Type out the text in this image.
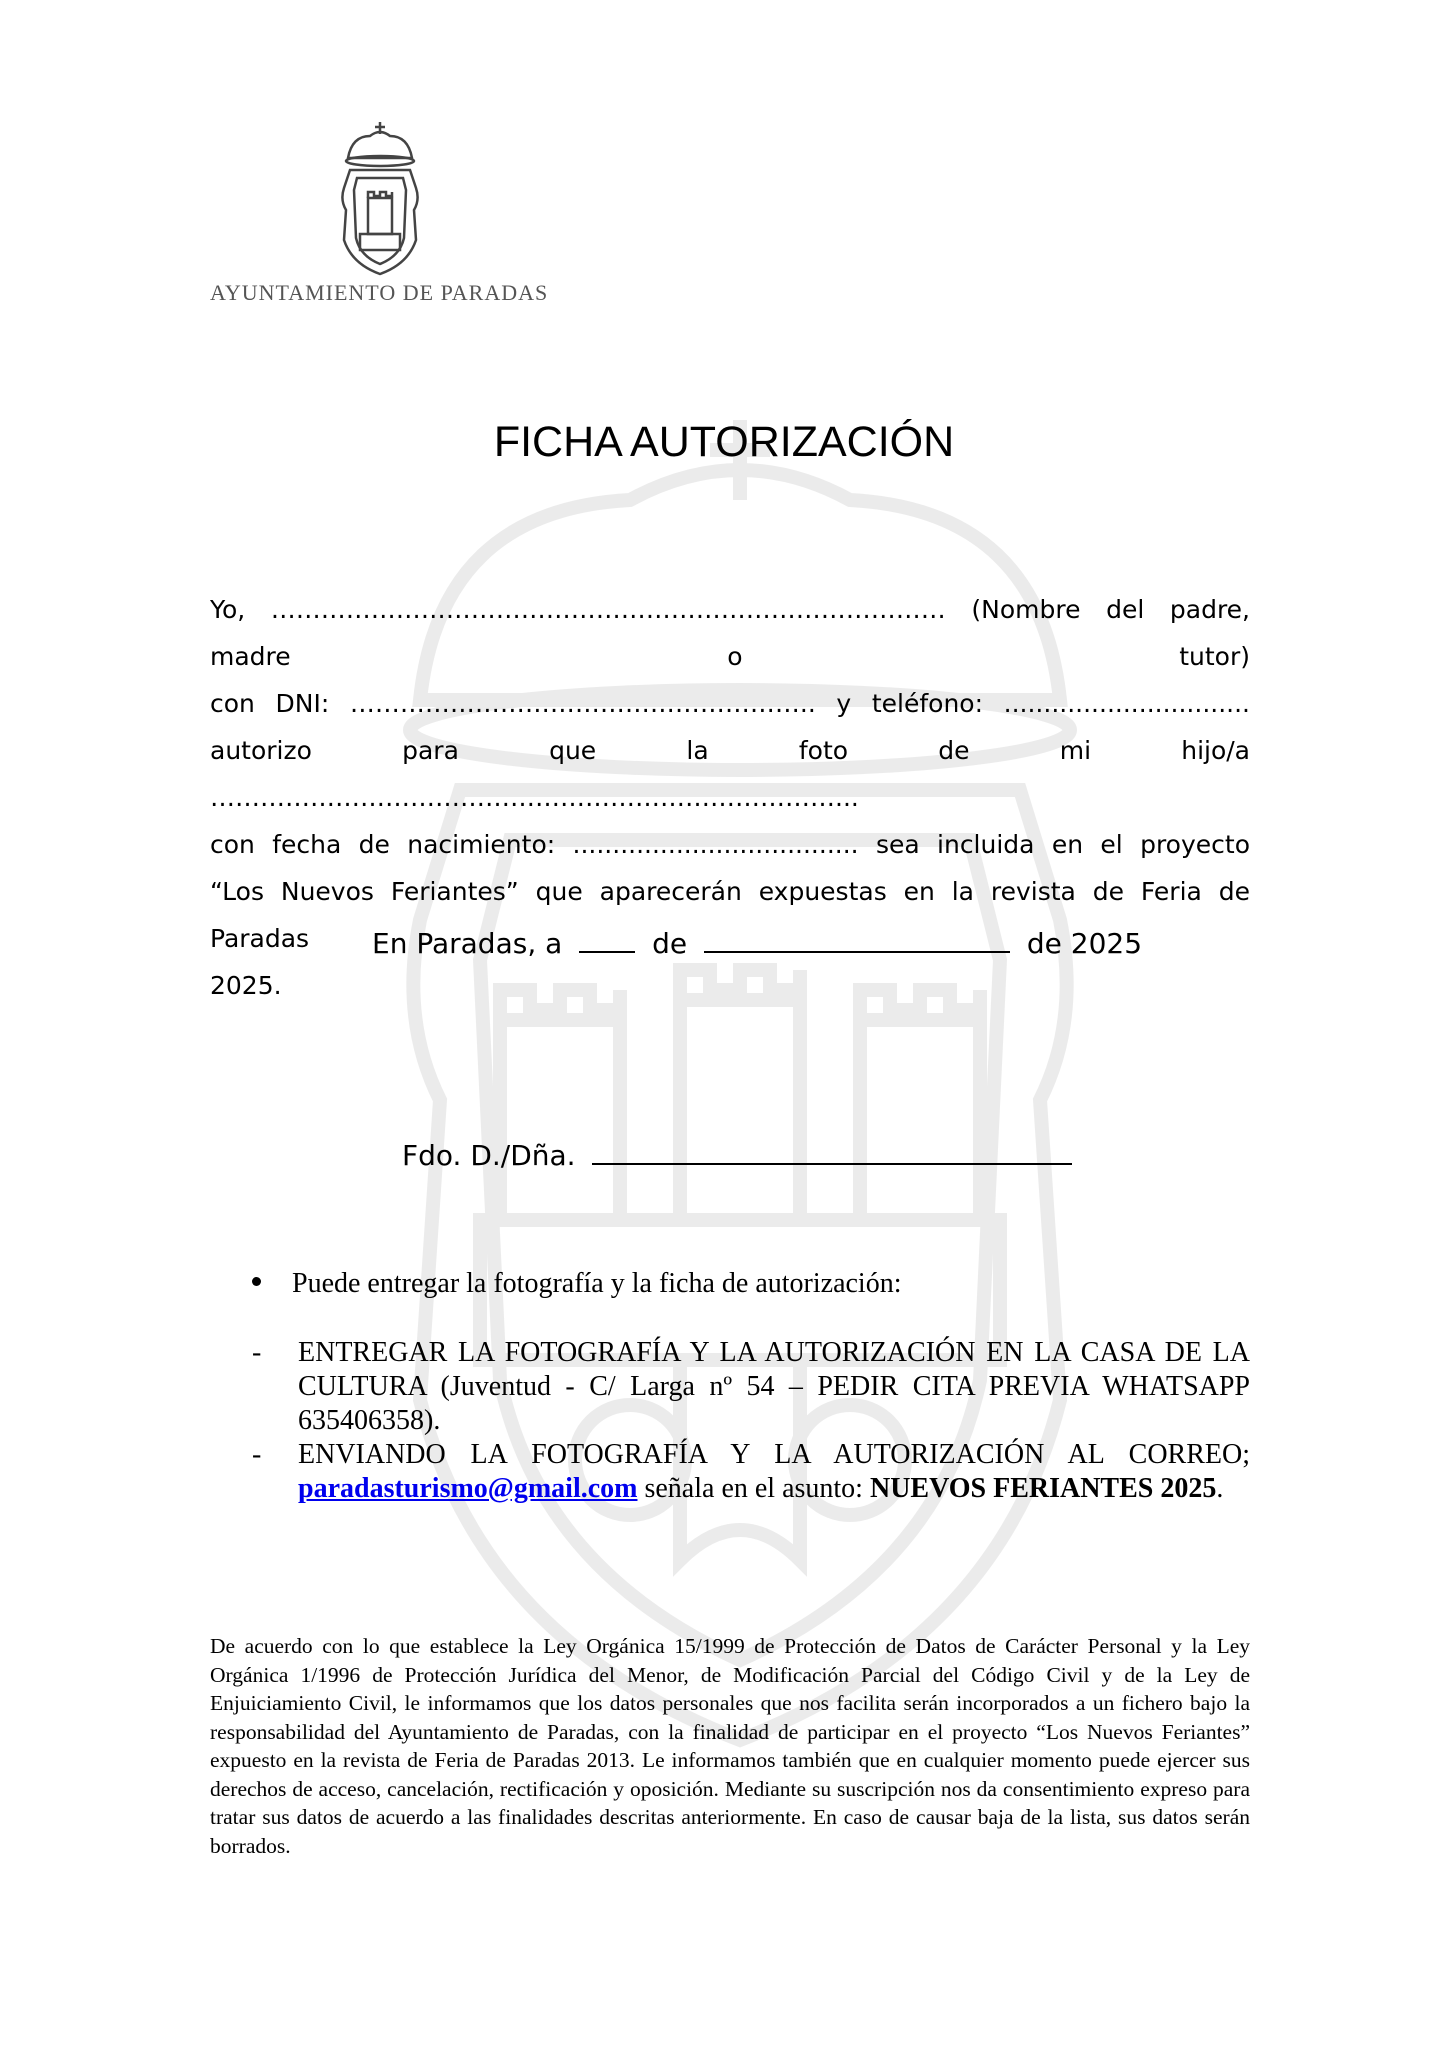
AYUNTAMIENTO DE PARADAS
FICHA AUTORIZACIÓN
Yo, ……………………………………………………………………… (Nombre del padre, madre o tutor)
con DNI: ……………………………………………….. y teléfono: ...............................
autorizo para que la foto de mi hijo/a …………………………………………………………………...
con fecha de nacimiento: .................................... sea incluida en el proyecto
“Los Nuevos Feriantes” que aparecerán expuestas en la revista de Feria de Paradas
2025.
En Paradas, a	de	de 2025
Fdo. D./Dña.
Puede entregar la fotografía y la ficha de autorización:
- ENTREGAR LA FOTOGRAFÍA Y LA AUTORIZACIÓN EN LA CASA DE LA CULTURA (Juventud - C/ Larga nº 54 – PEDIR CITA PREVIA WHATSAPP 635406358).
- ENVIANDO LA FOTOGRAFÍA Y LA AUTORIZACIÓN AL CORREO; paradasturismo@gmail.com señala en el asunto: NUEVOS FERIANTES 2025.
De acuerdo con lo que establece la Ley Orgánica 15/1999 de Protección de Datos de Carácter Personal y la Ley Orgánica 1/1996 de Protección Jurídica del Menor, de Modificación Parcial del Código Civil y de la Ley de Enjuiciamiento Civil, le informamos que los datos personales que nos facilita serán incorporados a un fichero bajo la responsabilidad del Ayuntamiento de Paradas, con la finalidad de participar en el proyecto “Los Nuevos Feriantes” expuesto en la revista de Feria de Paradas 2013. Le informamos también que en cualquier momento puede ejercer sus derechos de acceso, cancelación, rectificación y oposición. Mediante su suscripción nos da consentimiento expreso para tratar sus datos de acuerdo a las finalidades descritas anteriormente. En caso de causar baja de la lista, sus datos serán borrados.
